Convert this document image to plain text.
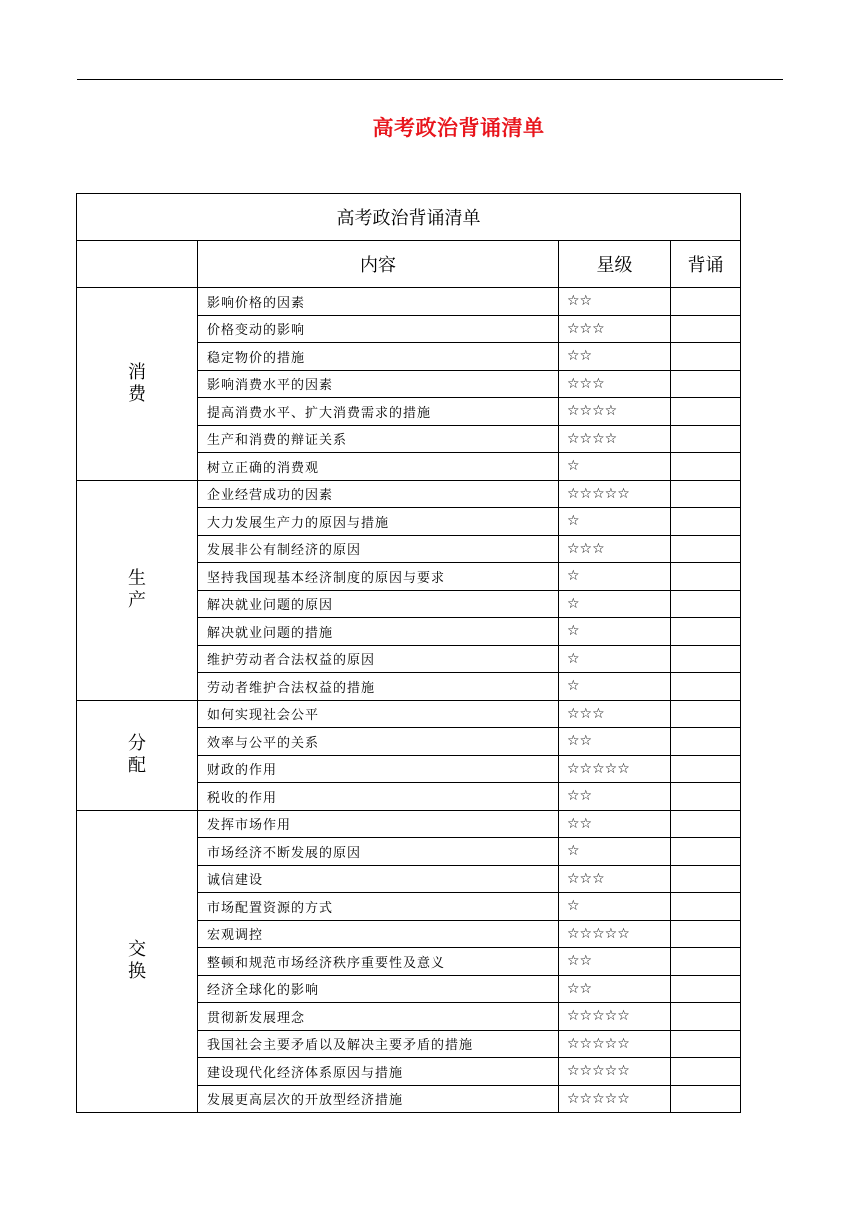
高考政治背诵清单
高考政治背诵清单			
	内容	星级	背诵

消费	影响价格的因素	☆☆	
	价格变动的影响	☆☆☆	
	稳定物价的措施	☆☆	
	影响消费水平的因素	☆☆☆	
	提高消费水平、扩大消费需求的措施	☆☆☆☆	
	生产和消费的辩证关系	☆☆☆☆	
	树立正确的消费观	☆	

生产	企业经营成功的因素	☆☆☆☆☆	
	大力发展生产力的原因与措施	☆	
	发展非公有制经济的原因	☆☆☆	
	坚持我国现基本经济制度的原因与要求	☆	
	解决就业问题的原因	☆	
	解决就业问题的措施	☆	
	维护劳动者合法权益的原因	☆	
	劳动者维护合法权益的措施	☆	

分配	如何实现社会公平	☆☆☆	
	效率与公平的关系	☆☆	
	财政的作用	☆☆☆☆☆	
	税收的作用	☆☆	

交换	发挥市场作用	☆☆	
	市场经济不断发展的原因	☆	
	诚信建设	☆☆☆	
	市场配置资源的方式	☆	
	宏观调控	☆☆☆☆☆	
	整顿和规范市场经济秩序重要性及意义	☆☆	
	经济全球化的影响	☆☆	
	贯彻新发展理念	☆☆☆☆☆	
	我国社会主要矛盾以及解决主要矛盾的措施	☆☆☆☆☆	
	建设现代化经济体系原因与措施	☆☆☆☆☆	
	发展更高层次的开放型经济措施	☆☆☆☆☆	
